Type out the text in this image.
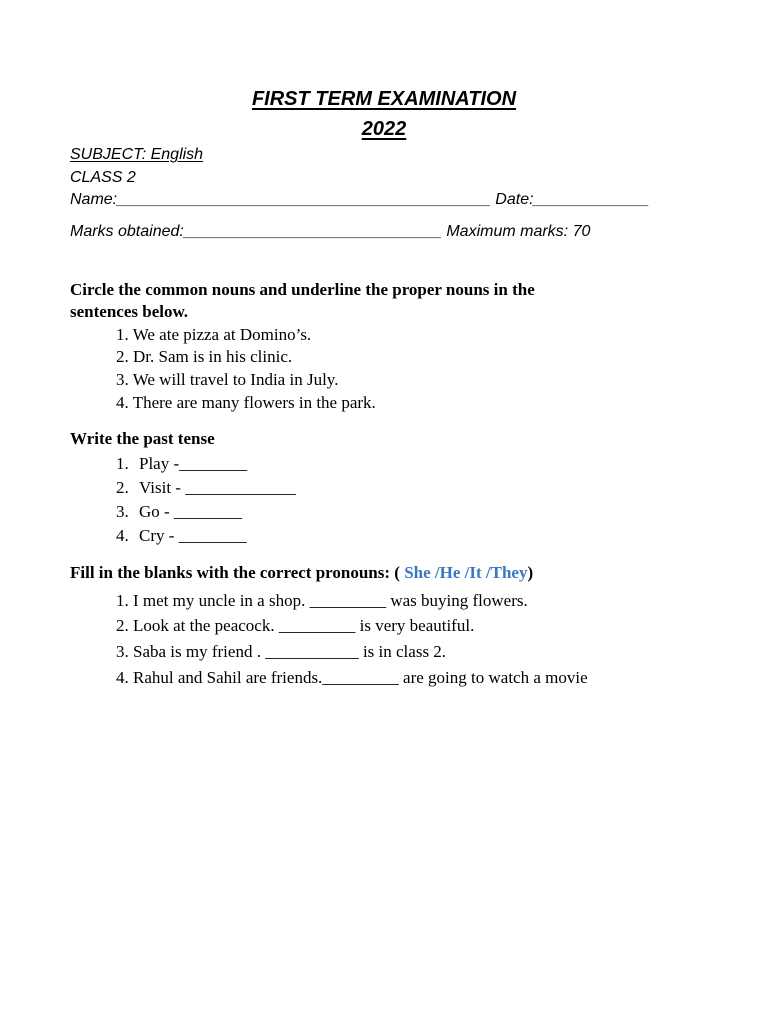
FIRST TERM EXAMINATION
2022
SUBJECT: English
CLASS 2
Name:__________________________________________ Date:_____________
Marks obtained:_____________________________ Maximum marks: 70
Circle the common nouns and underline the proper nouns in the
sentences below.
1. We ate pizza at Domino’s.
2. Dr. Sam is in his clinic.
3. We will travel to India in July.
4. There are many flowers in the park.
Write the past tense
1. Play -________
2. Visit - _____________
3. Go - ________
4. Cry - ________
Fill in the blanks with the correct pronouns: ( She /He /It /They)
1. I met my uncle in a shop. _________ was buying flowers.
2. Look at the peacock. _________ is very beautiful.
3. Saba is my friend . ___________ is in class 2.
4. Rahul and Sahil are friends._________ are going to watch a movie
